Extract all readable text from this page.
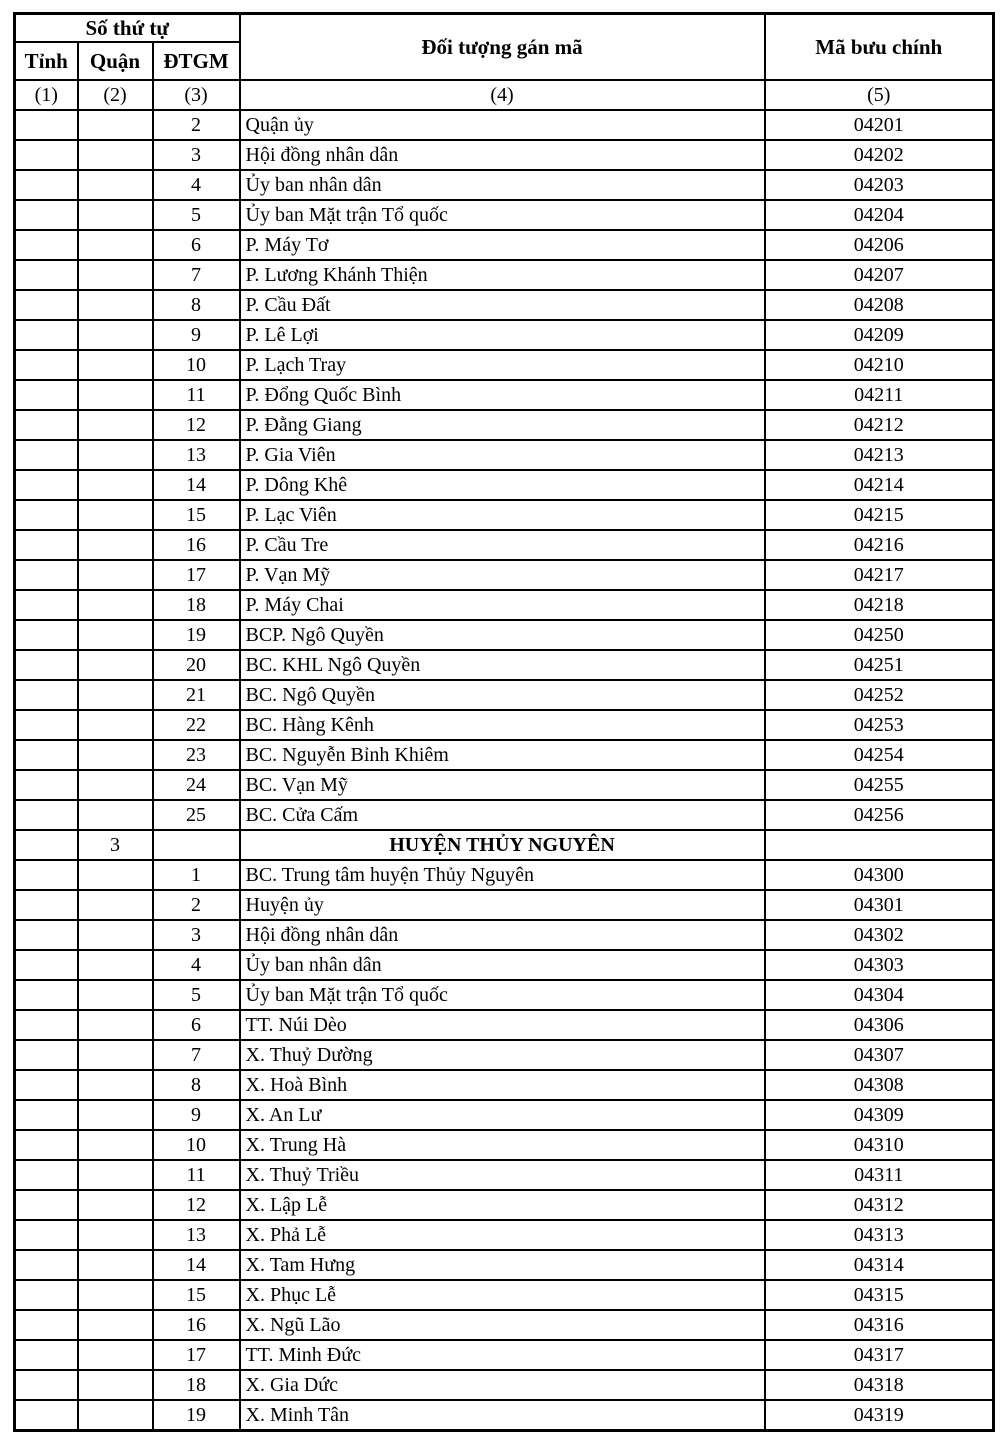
Số thứ tự			Đối tượng gán mã	Mã bưu chính
Tỉnh	Quận	ĐTGM		
(1)	(2)	(3)	(4)	(5)
		2	Quận ủy	04201
		3	Hội đồng nhân dân	04202
		4	Ủy ban nhân dân	04203
		5	Ủy ban Mặt trận Tổ quốc	04204
		6	P. Máy Tơ	04206
		7	P. Lương Khánh Thiện	04207
		8	P. Cầu Đất	04208
		9	P. Lê Lợi	04209
		10	P. Lạch Tray	04210
		11	P. Đổng Quốc Bình	04211
		12	P. Đằng Giang	04212
		13	P. Gia Viên	04213
		14	P. Dông Khê	04214
		15	P. Lạc Viên	04215
		16	P. Cầu Tre	04216
		17	P. Vạn Mỹ	04217
		18	P. Máy Chai	04218
		19	BCP. Ngô Quyền	04250
		20	BC. KHL Ngô Quyền	04251
		21	BC. Ngô Quyền	04252
		22	BC. Hàng Kênh	04253
		23	BC. Nguyễn Bỉnh Khiêm	04254
		24	BC. Vạn Mỹ	04255
		25	BC. Cửa Cấm	04256
	3		HUYỆN THỦY NGUYÊN	
		1	BC. Trung tâm huyện Thủy Nguyên	04300
		2	Huyện ủy	04301
		3	Hội đồng nhân dân	04302
		4	Ủy ban nhân dân	04303
		5	Ủy ban Mặt trận Tổ quốc	04304
		6	TT. Núi Dèo	04306
		7	X. Thuỷ Dường	04307
		8	X. Hoà Bình	04308
		9	X. An Lư	04309
		10	X. Trung Hà	04310
		11	X. Thuỷ Triều	04311
		12	X. Lập Lễ	04312
		13	X. Phả Lễ	04313
		14	X. Tam Hưng	04314
		15	X. Phục Lễ	04315
		16	X. Ngũ Lão	04316
		17	TT. Minh Đức	04317
		18	X. Gia Dức	04318
		19	X. Minh Tân	04319
